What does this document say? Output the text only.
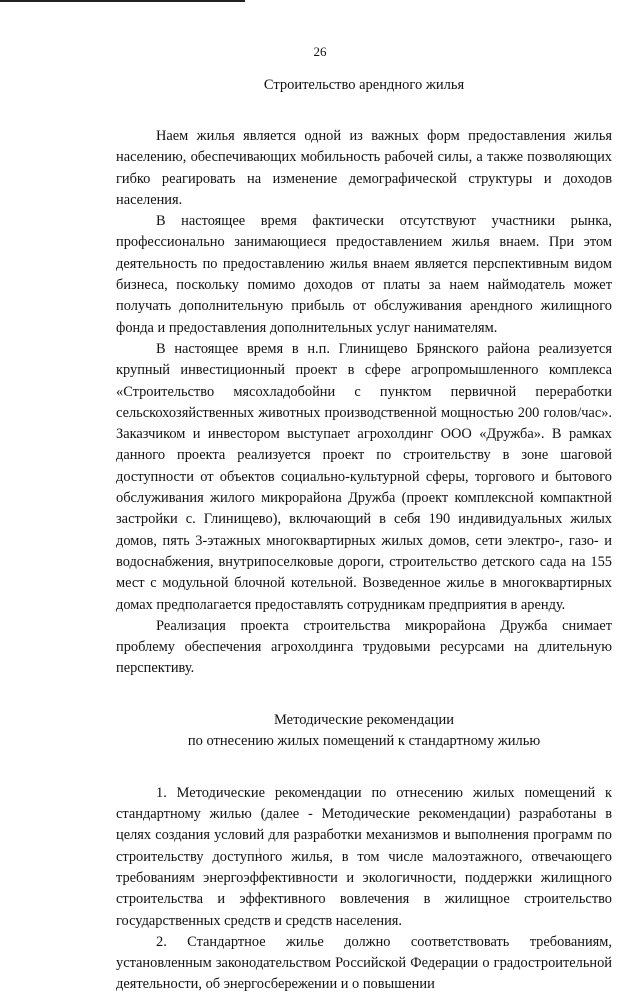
26
Строительство арендного жилья

Наем жилья является одной из важных форм предоставления жилья населению, обеспечивающих мобильность рабочей силы, а также позволяющих гибко реагировать на изменение демографической структуры и доходов населения.

В настоящее время фактически отсутствуют участники рынка, профессионально занимающиеся предоставлением жилья внаем. При этом деятельность по предоставлению жилья внаем является перспективным видом бизнеса, поскольку помимо доходов от платы за наем наймодатель может получать дополнительную прибыль от обслуживания арендного жилищного фонда и предоставления дополнительных услуг нанимателям.

В настоящее время в н.п. Глинищево Брянского района реализуется крупный инвестиционный проект в сфере агропромышленного комплекса «Строительство мясохладобойни с пунктом первичной переработки сельскохозяйственных животных производственной мощностью 200 голов/час». Заказчиком и инвестором выступает агрохолдинг ООО «Дружба». В рамках данного проекта реализуется проект по строительству в зоне шаговой доступности от объектов социально-культурной сферы, торгового и бытового обслуживания жилого микрорайона Дружба (проект комплексной компактной застройки с. Глинищево), включающий в себя 190 индивидуальных жилых домов, пять 3-этажных многоквартирных жилых домов, сети электро-, газо- и водоснабжения, внутрипоселковые дороги, строительство детского сада на 155 мест с модульной блочной котельной. Возведенное жилье в многоквартирных домах предполагается предоставлять сотрудникам предприятия в аренду.

Реализация проекта строительства микрорайона Дружба снимает проблему обеспечения агрохолдинга трудовыми ресурсами на длительную перспективу.

Методические рекомендации
по отнесению жилых помещений к стандартному жилью

1. Методические рекомендации по отнесению жилых помещений к стандартному жилью (далее - Методические рекомендации) разработаны в целях создания условий для разработки механизмов и выполнения программ по строительству доступного жилья, в том числе малоэтажного, отвечающего требованиям энергоэффективности и экологичности, поддержки жилищного строительства и эффективного вовлечения в жилищное строительство государственных средств и средств населения.

2. Стандартное жилье должно соответствовать требованиям, установленным законодательством Российской Федерации о градостроительной деятельности, об энергосбережении и о повышении
